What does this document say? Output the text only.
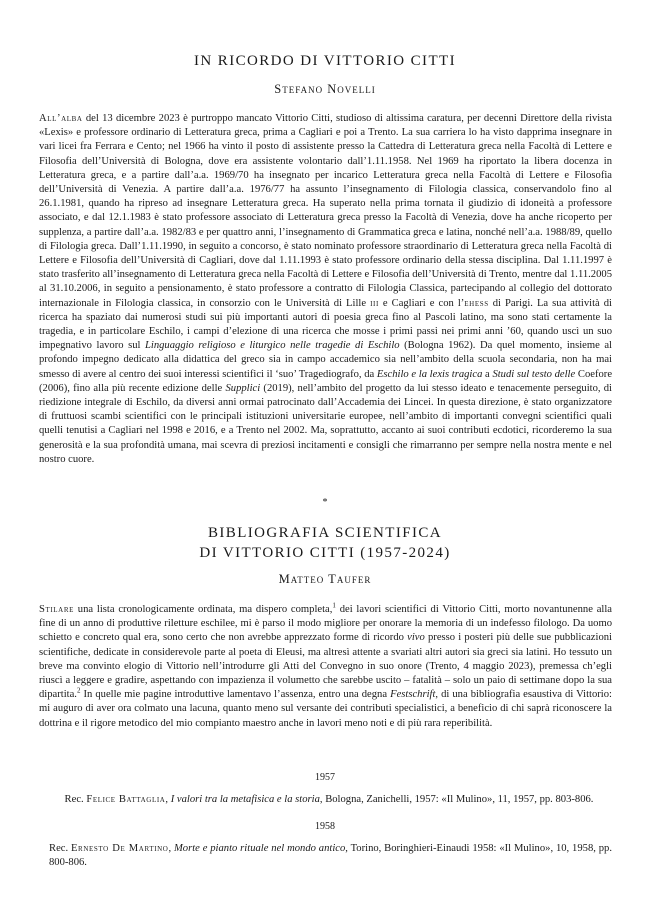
IN RICORDO DI VITTORIO CITTI
Stefano Novelli

All’alba del 13 dicembre 2023 è purtroppo mancato Vittorio Citti, studioso di altissima caratura, per decenni Direttore della rivista «Lexis» e professore ordinario di Letteratura greca, prima a Cagliari e poi a Trento. La sua carriera lo ha visto dapprima insegnare in vari licei fra Ferrara e Cento; nel 1966 ha vinto il posto di assistente presso la Cattedra di Letteratura greca nella Facoltà di Lettere e Filosofia dell’Università di Bologna, dove era assistente volontario dall’1.11.1958. Nel 1969 ha riportato la libera docenza in Letteratura greca, e a partire dall’a.a. 1969/70 ha insegnato per incarico Letteratura greca nella Facoltà di Lettere e Filosofia dell’Università di Venezia. A partire dall’a.a. 1976/77 ha assunto l’insegnamento di Filologia classica, conservandolo fino al 26.1.1981, quando ha ripreso ad insegnare Letteratura greca. Ha superato nella prima tornata il giudizio di idoneità a professore associato, e dal 12.1.1983 è stato professore associato di Letteratura greca presso la Facoltà di Venezia, dove ha anche ricoperto per supplenza, a partire dall’a.a. 1982/83 e per quattro anni, l’insegnamento di Grammatica greca e latina, nonché nell’a.a. 1988/89, quello di Filologia greca. Dall’1.11.1990, in seguito a concorso, è stato nominato professore straordinario di Letteratura greca nella Facoltà di Lettere e Filosofia dell’Università di Cagliari, dove dal 1.11.1993 è stato professore ordinario della stessa disciplina. Dal 1.11.1997 è stato trasferito all’insegnamento di Letteratura greca nella Facoltà di Lettere e Filosofia dell’Università di Trento, mentre dal 1.11.2005 al 31.10.2006, in seguito a pensionamento, è stato professore a contratto di Filologia Classica, partecipando al collegio del dottorato internazionale in Filologia classica, in consorzio con le Università di Lille iii e Cagliari e con l’ehess di Parigi. La sua attività di ricerca ha spaziato dai numerosi studi sui più importanti autori di poesia greca fino al Pascoli latino, ma sono stati certamente la tragedia, e in particolare Eschilo, i campi d’elezione di una ricerca che mosse i primi passi nei primi anni ’60, quando uscì un suo impegnativo lavoro sul Linguaggio religioso e liturgico nelle tragedie di Eschilo (Bologna 1962). Da quel momento, insieme al profondo impegno dedicato alla didattica del greco sia in campo accademico sia nell’ambito della scuola secondaria, non ha mai smesso di avere al centro dei suoi interessi scientifici il ‘suo’ Tragediografo, da Eschilo e la lexis tragica a Studi sul testo delle Coefore (2006), fino alla più recente edizione delle Supplici (2019), nell’ambito del progetto da lui stesso ideato e tenacemente perseguito, di riedizione integrale di Eschilo, da diversi anni ormai patrocinato dall’Accademia dei Lincei. In questa direzione, è stato organizzatore di fruttuosi scambi scientifici con le principali istituzioni universitarie europee, nell’ambito di importanti convegni scientifici quali quelli tenutisi a Cagliari nel 1998 e 2016, e a Trento nel 2002. Ma, soprattutto, accanto ai suoi contributi ecdotici, ricorderemo la sua generosità e la sua profondità umana, mai scevra di preziosi incitamenti e consigli che rimarranno per sempre nella nostra mente e nel nostro cuore.

*
BIBLIOGRAFIA SCIENTIFICA
DI VITTORIO CITTI (1957-2024)
Matteo Taufer

Stilare una lista cronologicamente ordinata, ma dispero completa,$^1$ dei lavori scientifici di Vittorio Citti, morto novantunenne alla fine di un anno di produttive riletture eschilee, mi è parso il modo migliore per onorare la memoria di un indefesso filologo. Da uomo schietto e concreto qual era, sono certo che non avrebbe apprezzato forme di ricordo vivo presso i posteri più delle sue pubblicazioni scientifiche, dedicate in considerevole parte al poeta di Eleusi, ma altresì attente a svariati altri autori sia greci sia latini. Ho tessuto un breve ma convinto elogio di Vittorio nell’introdurre gli Atti del Convegno in suo onore (Trento, 4 maggio 2023), premessa ch’egli riuscì a leggere e gradire, aspettando con impazienza il volumetto che sarebbe uscito – fatalità – solo un paio di settimane dopo la sua dipartita.$^2$ In quelle mie pagine introduttive lamentavo l’assenza, entro una degna Festschrift, di una bibliografia esaustiva di Vittorio: mi auguro di aver ora colmato una lacuna, quanto meno sul versante dei contributi specialistici, a beneficio di chi saprà riconoscere la dottrina e il rigore metodico del mio compianto maestro anche in lavori meno noti e di più rara reperibilità.

1957

Rec. Felice Battaglia, I valori tra la metafisica e la storia, Bologna, Zanichelli, 1957: «Il Mulino», 11, 1957, pp. 803-806.

1958

Rec. Ernesto De Martino, Morte e pianto rituale nel mondo antico, Torino, Boringhieri-Einaudi 1958: «Il Mulino», 10, 1958, pp. 800-806.
